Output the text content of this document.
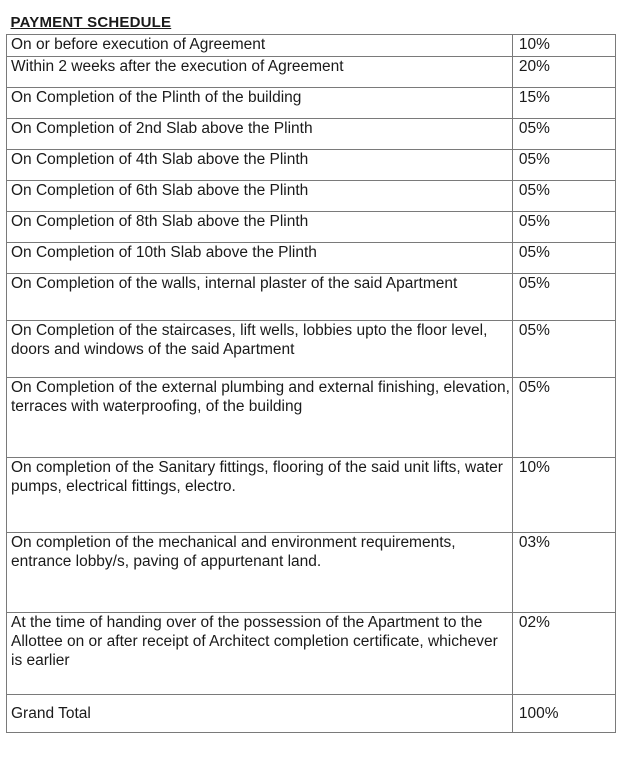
PAYMENT SCHEDULE	
On or before execution of Agreement	10%
Within 2 weeks after the execution of Agreement	20%
On Completion of the Plinth of the building	15%
On Completion of 2nd Slab above the Plinth	05%
On Completion of 4th Slab above the Plinth	05%
On Completion of 6th Slab above the Plinth	05%
On Completion of 8th Slab above the Plinth	05%
On Completion of 10th Slab above the Plinth	05%
On Completion of the walls, internal plaster of the said Apartment	05%
On Completion of the staircases, lift wells, lobbies upto the floor level, doors and windows of the said Apartment	05%
On Completion of the external plumbing and external finishing, elevation, terraces with waterproofing, of the building	05%
On completion of the Sanitary fittings, flooring of the said unit lifts, water pumps, electrical fittings, electro.	10%
On completion of the mechanical and environment requirements, entrance lobby/s, paving of appurtenant land.	03%
At the time of handing over of the possession of the Apartment to the Allottee on or after receipt of Architect completion certificate, whichever is earlier	02%
Grand Total	100%
